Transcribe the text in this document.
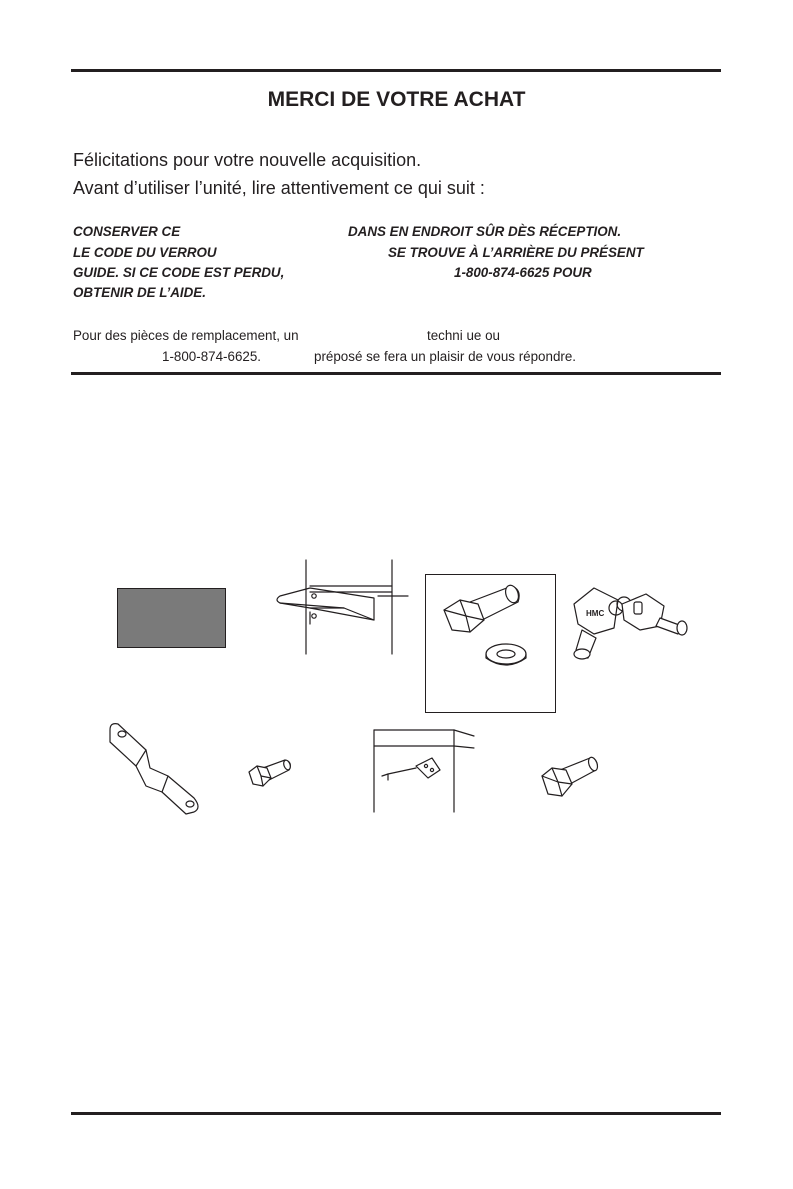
MERCI DE VOTRE ACHAT
Félicitations pour votre nouvelle acquisition.
Avant d’utiliser l’unité, lire attentivement ce qui suit :
CONSERVER CE	DANS EN ENDROIT SÛR DÈS RÉCEPTION.
LE CODE DU VERROU	SE TROUVE À L’ARRIÈRE DU PRÉSENT
GUIDE. SI CE CODE EST PERDU,	1-800-874-6625 POUR
OBTENIR DE L’AIDE.
Pour des pièces de remplacement, un	techni ue ou
1-800-874-6625.	préposé se fera un plaisir de vous répondre.
HMC
